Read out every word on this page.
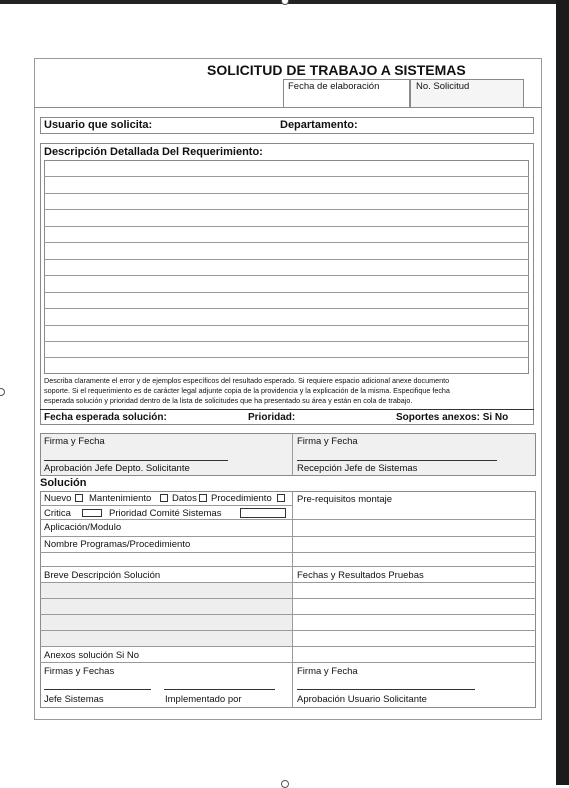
SOLICITUD DE TRABAJO A SISTEMAS
Fecha de elaboración	No. Solicitud
Usuario que solicita:	Departamento:
Descripción Detallada Del Requerimiento:
Describa claramente el error y de ejemplos específicos del resultado esperado. Si requiere espacio adicional anexe documento
soporte. Si el requerimiento es de carácter legal adjunte copia de la providencia y la explicación de la misma. Especifique fecha
esperada solución y prioridad dentro de la lista de solicitudes que ha presentado su área y están en cola de trabajo.
Fecha esperada solución:	Prioridad:	Soportes anexos: Si No
Firma y Fecha	Firma y Fecha
Aprobación Jefe Depto. Solicitante	Recepción Jefe de Sistemas
Solución
Nuevo Mantenimiento Datos Procedimiento	Pre-requisitos montaje
Critica	Prioridad Comité Sistemas
Aplicación/Modulo
Nombre Programas/Procedimiento
Breve Descripción Solución	Fechas y Resultados Pruebas
Anexos solución Si No
Firmas y Fechas	Firma y Fecha
Jefe Sistemas	Implementado por	Aprobación Usuario Solicitante
